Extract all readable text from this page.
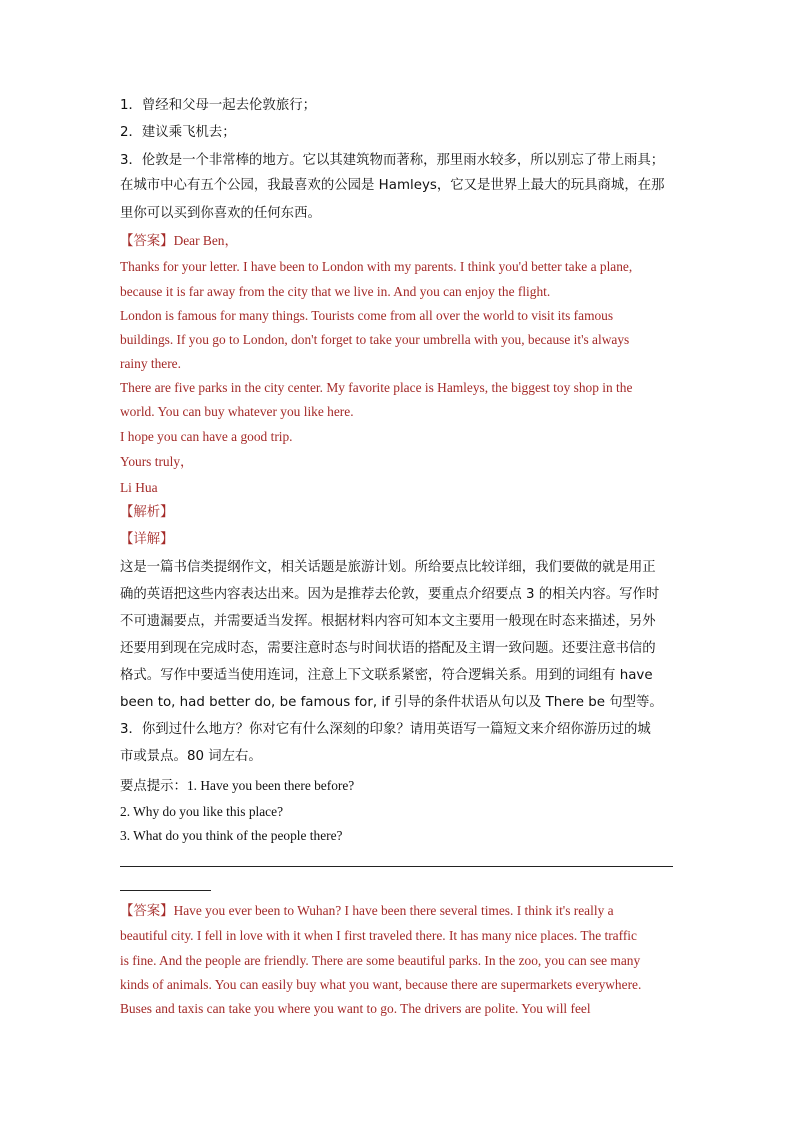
1．曾经和父母一起去伦敦旅行；
2．建议乘飞机去；
3．伦敦是一个非常棒的地方。它以其建筑物而著称，那里雨水较多，所以别忘了带上雨具；
在城市中心有五个公园，我最喜欢的公园是 Hamleys，它又是世界上最大的玩具商城，在那
里你可以买到你喜欢的任何东西。
【答案】Dear Ben，
Thanks for your letter. I have been to London with my parents. I think you'd better take a plane,
because it is far away from the city that we live in. And you can enjoy the flight.
London is famous for many things. Tourists come from all over the world to visit its famous
buildings. If you go to London, don't forget to take your umbrella with you, because it's always
rainy there.
There are five parks in the city center. My favorite place is Hamleys, the biggest toy shop in the
world. You can buy whatever you like here.
I hope you can have a good trip.
Yours truly，
Li Hua
【解析】
【详解】
这是一篇书信类提纲作文，相关话题是旅游计划。所给要点比较详细，我们要做的就是用正
确的英语把这些内容表达出来。因为是推荐去伦敦，要重点介绍要点 3 的相关内容。写作时
不可遗漏要点，并需要适当发挥。根据材料内容可知本文主要用一般现在时态来描述，另外
还要用到现在完成时态，需要注意时态与时间状语的搭配及主谓一致问题。还要注意书信的
格式。写作中要适当使用连词，注意上下文联系紧密，符合逻辑关系。用到的词组有 have
been to, had better do, be famous for, if 引导的条件状语从句以及 There be 句型等。
3．你到过什么地方？你对它有什么深刻的印象？请用英语写一篇短文来介绍你游历过的城
市或景点。80 词左右。
要点提示：1. Have you been there before?
2. Why do you like this place?
3. What do you think of the people there?
【答案】Have you ever been to Wuhan? I have been there several times. I think it's really a
beautiful city. I fell in love with it when I first traveled there. It has many nice places. The traffic
is fine. And the people are friendly. There are some beautiful parks. In the zoo, you can see many
kinds of animals. You can easily buy what you want, because there are supermarkets everywhere.
Buses and taxis can take you where you want to go. The drivers are polite. You will feel
